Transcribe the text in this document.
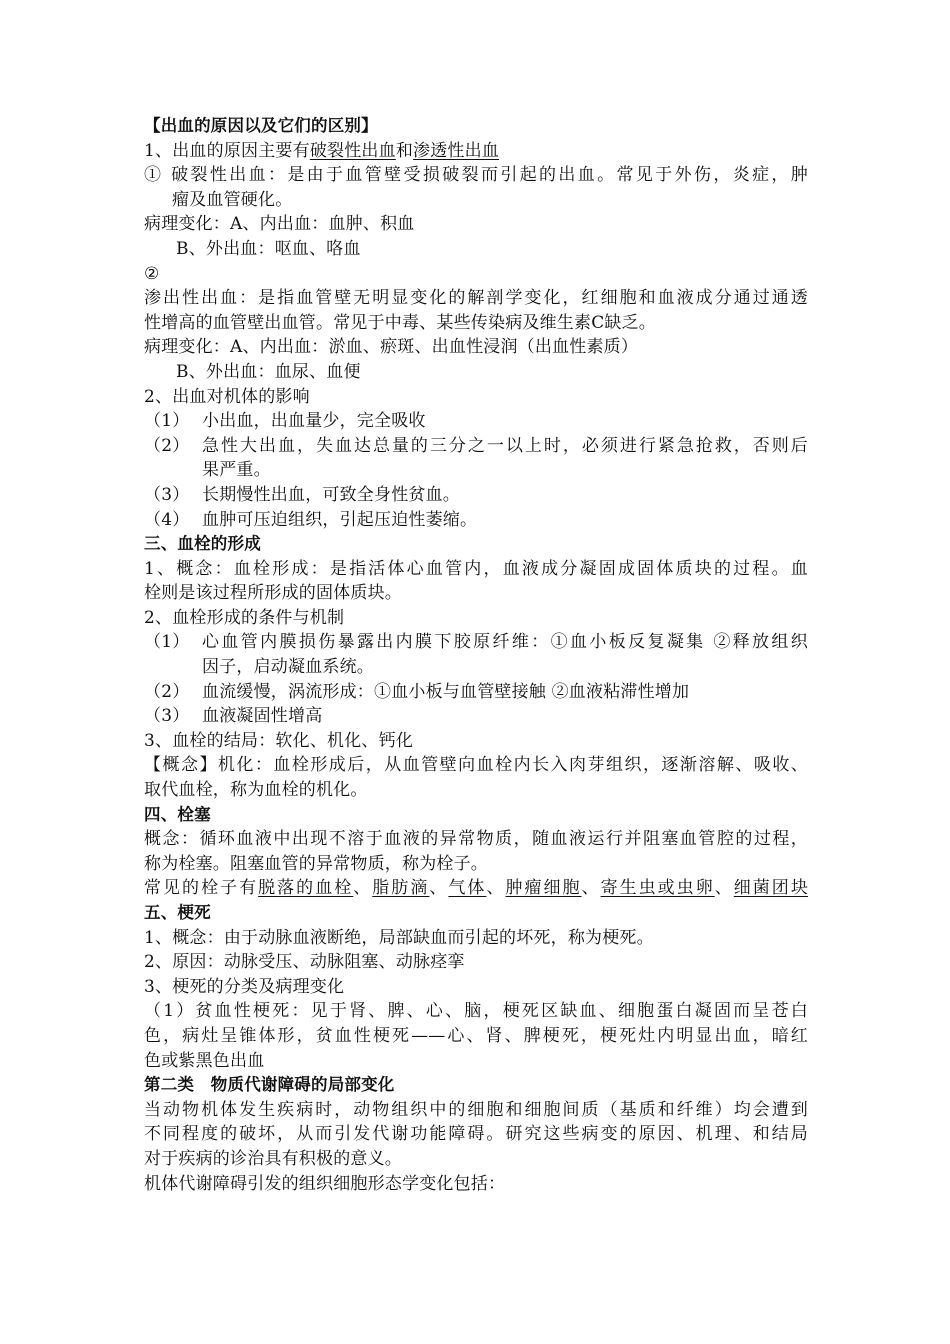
【出血的原因以及它们的区别】

1、出血的原因主要有破裂性出血和渗透性出血

① 破裂性出血：是由于血管壁受损破裂而引起的出血。常见于外伤，炎症，肿

瘤及血管硬化。

病理变化：A、内出血：血肿、积血

B、外出血：呕血、咯血

②

渗出性出血：是指血管壁无明显变化的解剖学变化，红细胞和血液成分通过通透

性增高的血管壁出血管。常见于中毒、某些传染病及维生素C缺乏。

病理变化：A、内出血：淤血、瘀斑、出血性浸润（出血性素质）

B、外出血：血尿、血便

2、出血对机体的影响

（1） 小出血，出血量少，完全吸收
（2） 急性大出血，失血达总量的三分之一以上时，必须进行紧急抢救，否则后
果严重。
（3） 长期慢性出血，可致全身性贫血。
（4） 血肿可压迫组织，引起压迫性萎缩。

三、血栓的形成

1、概念：血栓形成：是指活体心血管内，血液成分凝固成固体质块的过程。血

栓则是该过程所形成的固体质块。

2、血栓形成的条件与机制

（1） 心血管内膜损伤暴露出内膜下胶原纤维：①血小板反复凝集 ②释放组织
因子，启动凝血系统。
（2） 血流缓慢，涡流形成：①血小板与血管壁接触 ②血液粘滞性增加
（3） 血液凝固性增高

3、血栓的结局：软化、机化、钙化

【概念】机化：血栓形成后，从血管壁向血栓内长入肉芽组织，逐渐溶解、吸收、

取代血栓，称为血栓的机化。

四、栓塞

概念：循环血液中出现不溶于血液的异常物质，随血液运行并阻塞血管腔的过程，

称为栓塞。阻塞血管的异常物质，称为栓子。

常见的栓子有脱落的血栓、脂肪滴、气体、肿瘤细胞、寄生虫或虫卵、细菌团块

五、梗死

1、概念：由于动脉血液断绝，局部缺血而引起的坏死，称为梗死。

2、原因：动脉受压、动脉阻塞、动脉痉挛

3、梗死的分类及病理变化

（1）贫血性梗死：见于肾、脾、心、脑，梗死区缺血、细胞蛋白凝固而呈苍白

色，病灶呈锥体形，贫血性梗死——心、肾、脾梗死，梗死灶内明显出血，暗红

色或紫黑色出血

第二类　物质代谢障碍的局部变化

当动物机体发生疾病时，动物组织中的细胞和细胞间质（基质和纤维）均会遭到

不同程度的破坏，从而引发代谢功能障碍。研究这些病变的原因、机理、和结局

对于疾病的诊治具有积极的意义。

机体代谢障碍引发的组织细胞形态学变化包括：
